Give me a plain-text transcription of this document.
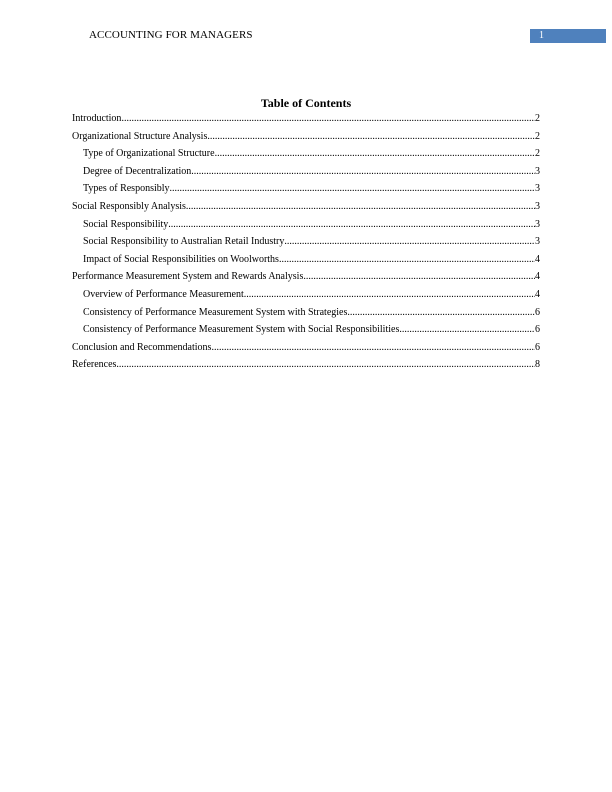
ACCOUNTING FOR MANAGERS	1
Table of Contents
Introduction .....	2
Organizational Structure Analysis .....	2
Type of Organizational Structure .....	2
Degree of Decentralization .....	3
Types of Responsibly .....	3
Social Responsibly Analysis .....	3
Social Responsibility .....	3
Social Responsibility to Australian Retail Industry .....	3
Impact of Social Responsibilities on Woolworths .....	4
Performance Measurement System and Rewards Analysis .....	4
Overview of Performance Measurement .....	4
Consistency of Performance Measurement System with Strategies .....	6
Consistency of Performance Measurement System with Social Responsibilities .....	6
Conclusion and Recommendations .....	6
References .....	8
